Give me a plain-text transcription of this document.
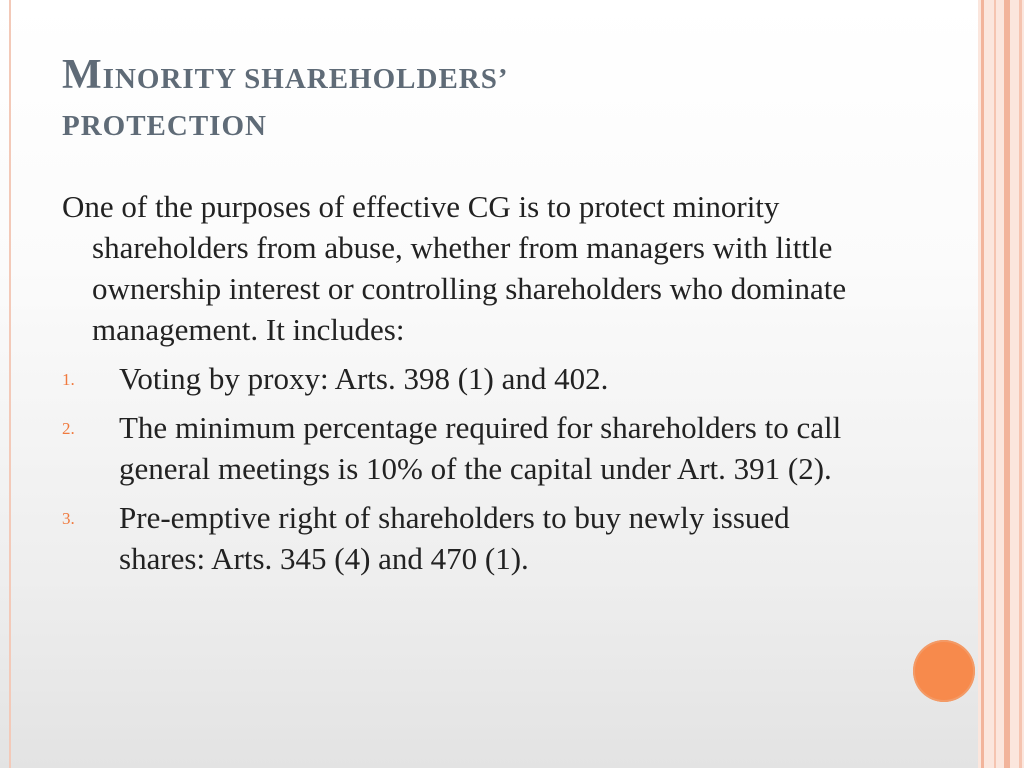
MINORITY SHAREHOLDERS’
PROTECTION

One of the purposes of effective CG is to protect minority shareholders from abuse, whether from managers with little ownership interest or controlling shareholders who dominate management. It includes:

1. Voting by proxy: Arts. 398 (1) and 402.
2. The minimum percentage required for shareholders to call general meetings is 10% of the capital under Art. 391 (2).
3. Pre-emptive right of shareholders to buy newly issued shares: Arts. 345 (4) and 470 (1).
